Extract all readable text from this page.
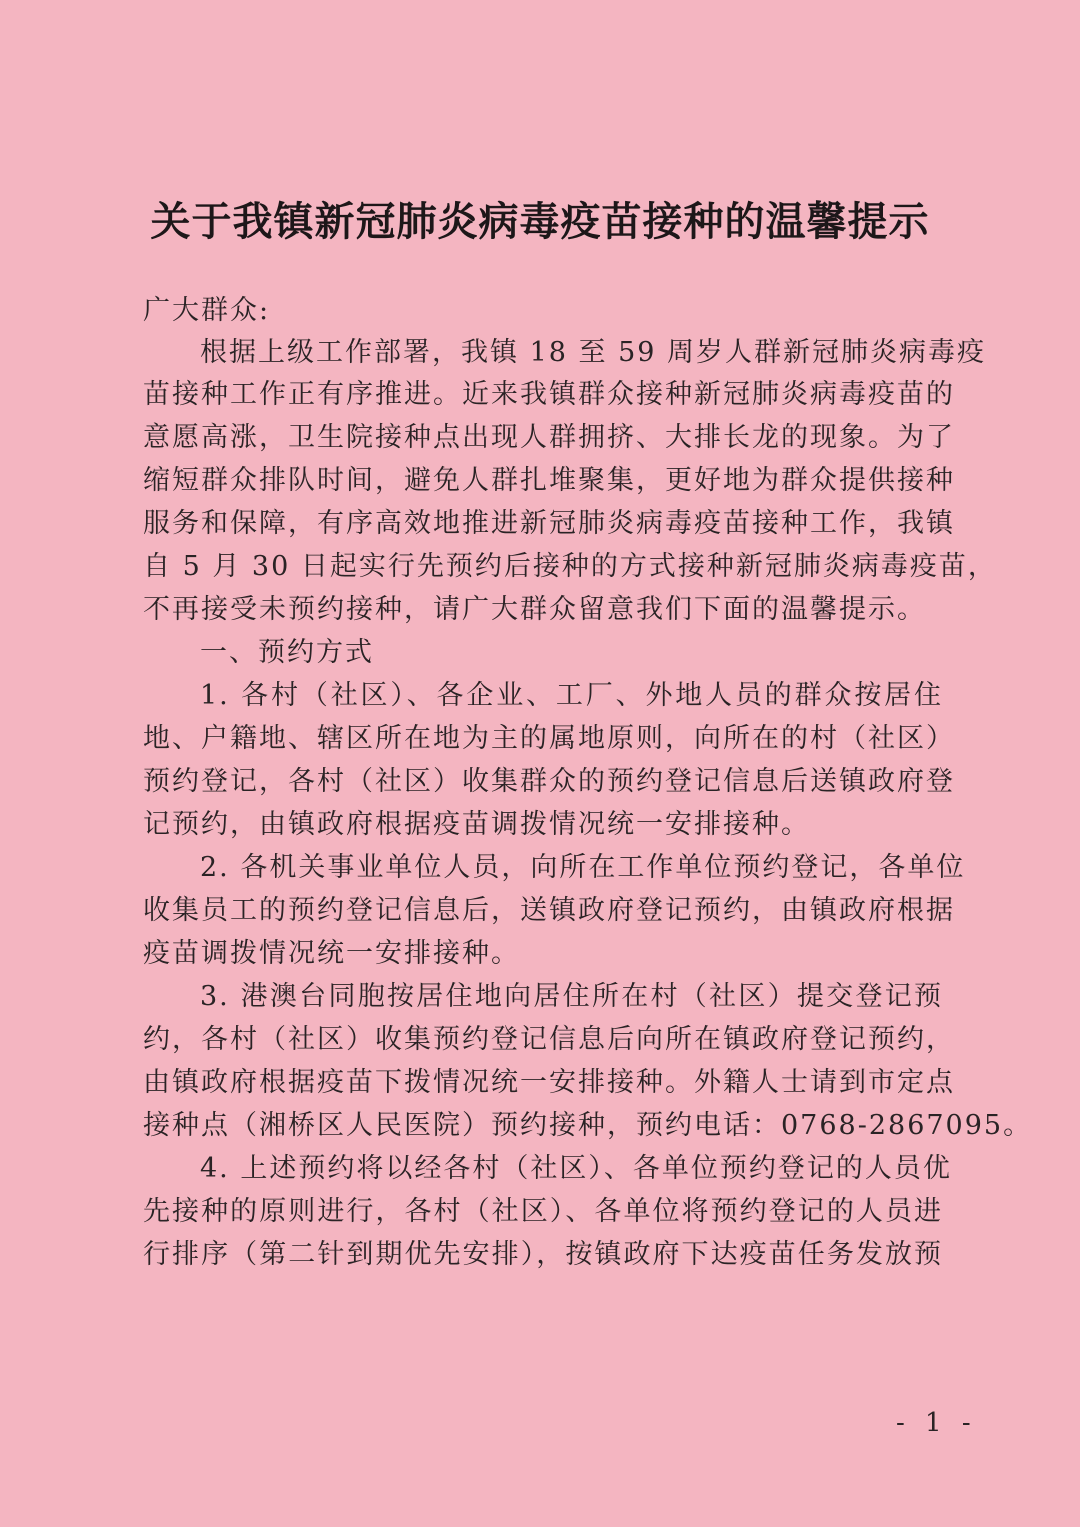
关于我镇新冠肺炎病毒疫苗接种的温馨提示
广大群众:
根据上级工作部署，我镇 18 至 59 周岁人群新冠肺炎病毒疫
苗接种工作正有序推进。近来我镇群众接种新冠肺炎病毒疫苗的
意愿高涨，卫生院接种点出现人群拥挤、大排长龙的现象。为了
缩短群众排队时间，避免人群扎堆聚集，更好地为群众提供接种
服务和保障，有序高效地推进新冠肺炎病毒疫苗接种工作，我镇
自 5 月 30 日起实行先预约后接种的方式接种新冠肺炎病毒疫苗，
不再接受未预约接种，请广大群众留意我们下面的温馨提示。
一、预约方式
1. 各村（社区）、各企业、工厂、外地人员的群众按居住
地、户籍地、辖区所在地为主的属地原则，向所在的村（社区）
预约登记，各村（社区）收集群众的预约登记信息后送镇政府登
记预约，由镇政府根据疫苗调拨情况统一安排接种。
2. 各机关事业单位人员，向所在工作单位预约登记，各单位
收集员工的预约登记信息后，送镇政府登记预约，由镇政府根据
疫苗调拨情况统一安排接种。
3. 港澳台同胞按居住地向居住所在村（社区）提交登记预
约，各村（社区）收集预约登记信息后向所在镇政府登记预约，
由镇政府根据疫苗下拨情况统一安排接种。外籍人士请到市定点
接种点（湘桥区人民医院）预约接种，预约电话：0768-2867095。
4. 上述预约将以经各村（社区）、各单位预约登记的人员优
先接种的原则进行，各村（社区）、各单位将预约登记的人员进
行排序（第二针到期优先安排），按镇政府下达疫苗任务发放预
- 1 -
